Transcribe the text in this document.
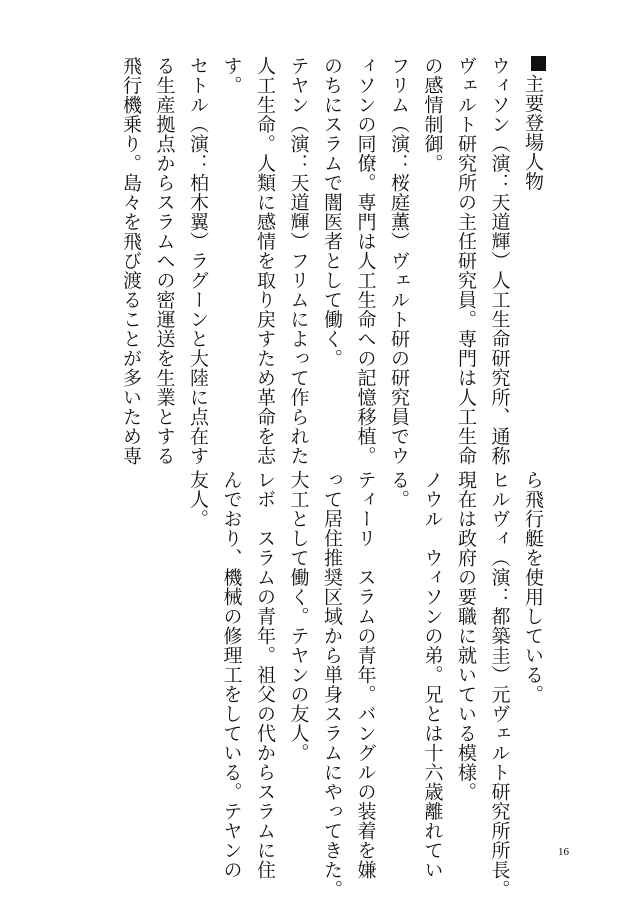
主要登場人物
ウィソン（演：天道輝）人工生命研究所、通称
ヴェルト研究所の主任研究員。専門は人工生命
の感情制御。
フリム（演：桜庭薫）ヴェルト研の研究員でウ
ィソンの同僚。専門は人工生命への記憶移植。
のちにスラムで闇医者として働く。
テヤン（演：天道輝）フリムによって作られた
人工生命。人類に感情を取り戻すため革命を志
す。
セトル（演：柏木翼）ラグーンと大陸に点在す
る生産拠点からスラムへの密運送を生業とする
飛行機乗り。島々を飛び渡ることが多いため専
ら飛行艇を使用している。
ヒルヴィ（演：都築圭）元ヴェルト研究所所長。
現在は政府の要職に就いている模様。
ノウル　ウィソンの弟。兄とは十六歳離れてい
る。
ティーリ　スラムの青年。バングルの装着を嫌
って居住推奨区域から単身スラムにやってきた。
大工として働く。テヤンの友人。
レボ　スラムの青年。祖父の代からスラムに住
んでおり、機械の修理工をしている。テヤンの
友人。
16
